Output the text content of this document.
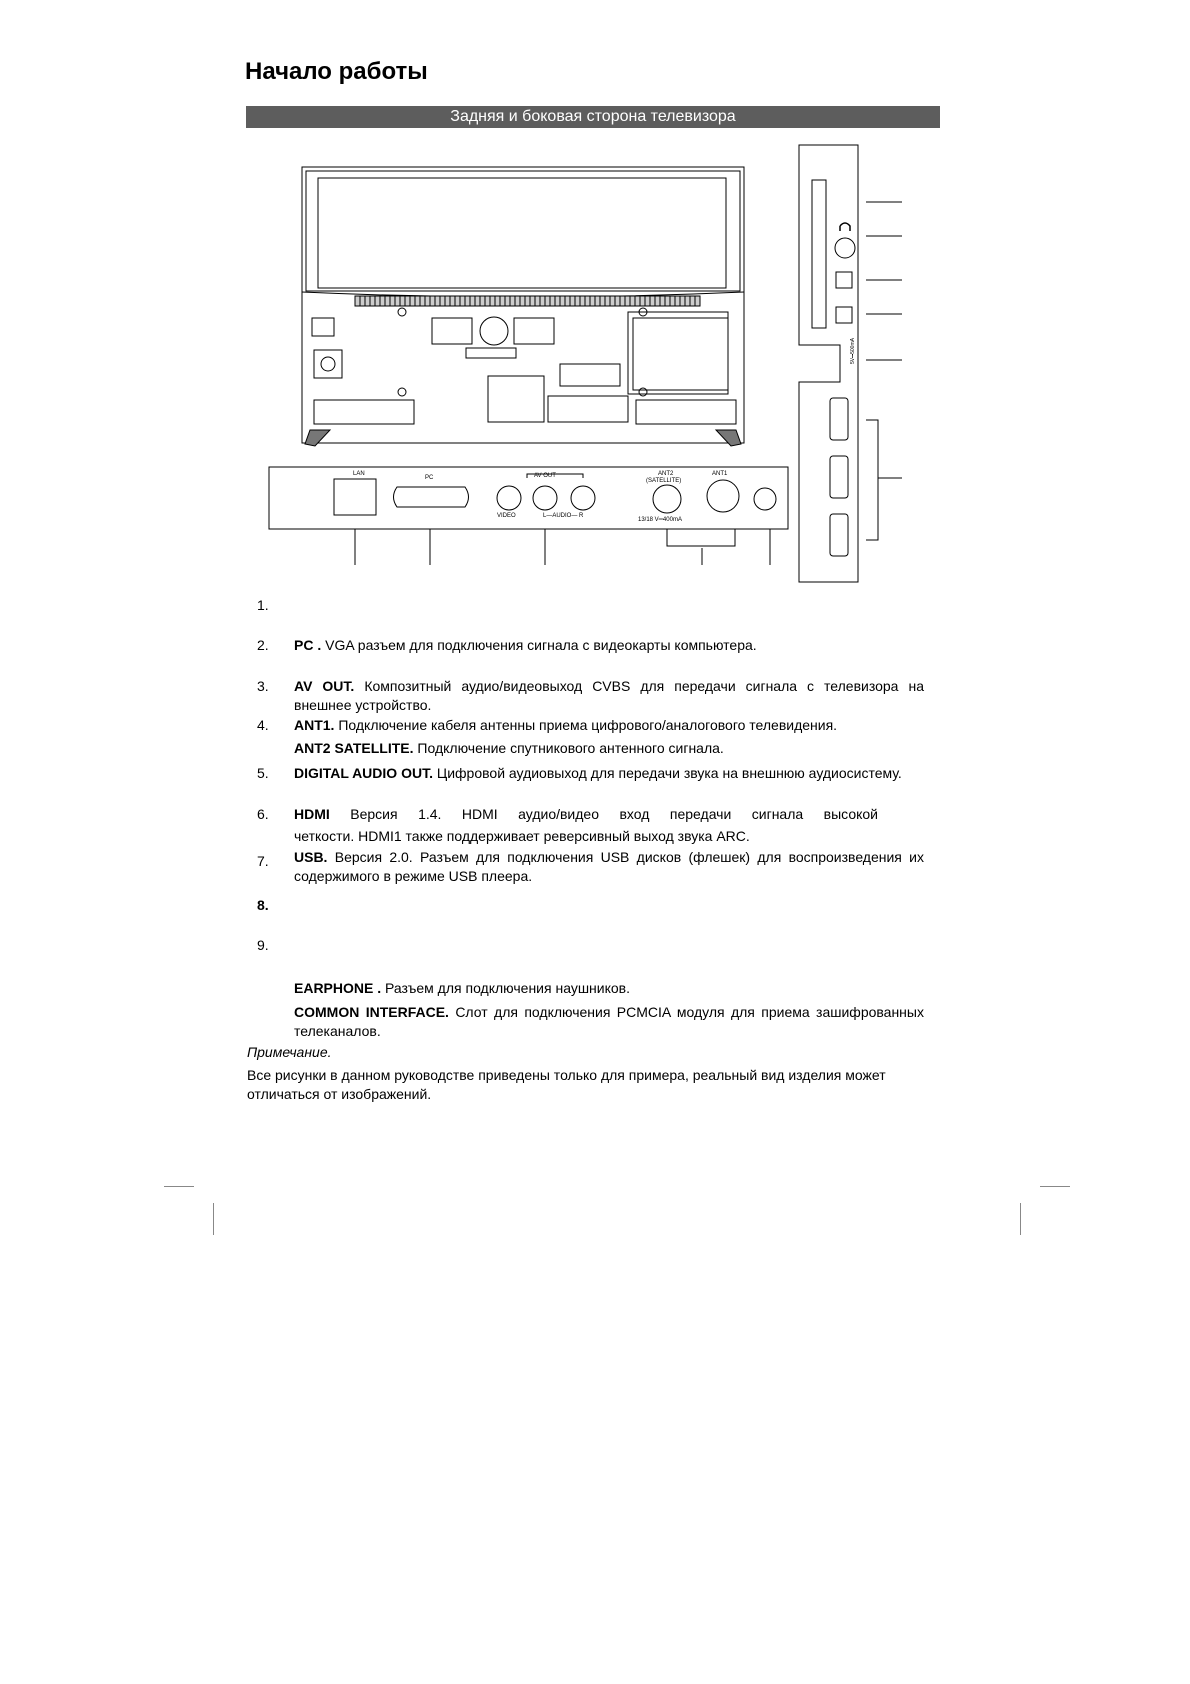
Начало работы
Задняя и боковая сторона телевизора
LAN
PC	AV OUT
VIDEO	L—AUDIO— R
ANT2
(SATELLITE)
13/18 V═400mA
ANT1
5V⎓500mA
1.
2. PC . VGA разъем для подключения сигнала с видеокарты компьютера.
3. AV OUT. Композитный аудио/видеовыход CVBS для передачи сигнала с телевизора на внешнее устройство.
4. ANT1. Подключение кабеля антенны приема цифрового/аналогового телевидения.
ANT2 SATELLITE. Подключение спутникового антенного сигнала.
5. DIGITAL AUDIO OUT. Цифровой аудиовыход для передачи звука на внешнюю аудиосистему.
6. HDMI Версия 1.4. HDMI аудио/видео вход передачи сигнала высокой
четкости. HDMI1 также поддерживает реверсивный выход звука ARC.
7. USB. Версия 2.0. Разъем для подключения USB дисков (флешек) для воспроизведения их содержимого в режиме USB плеера.
8.
9.
EARPHONE . Разъем для подключения наушников.
COMMON INTERFACE. Слот для подключения PCMCIA модуля для приема зашифрованных телеканалов.
Примечание.
Все рисунки в данном руководстве приведены только для примера, реальный вид изделия может отличаться от изображений.
